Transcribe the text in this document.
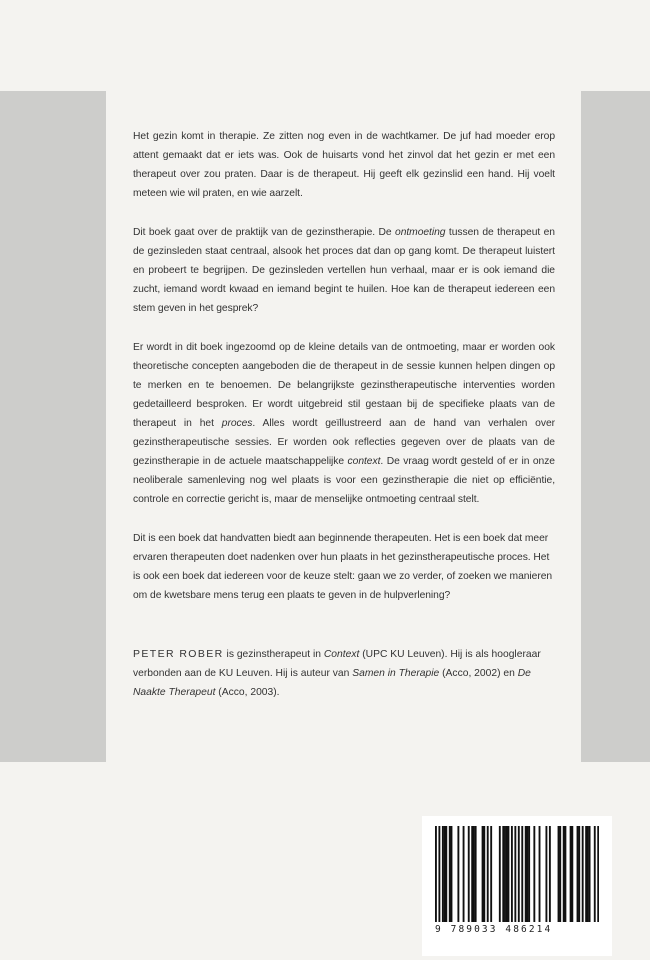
Het gezin komt in therapie. Ze zitten nog even in de wachtkamer. De juf had moeder erop attent gemaakt dat er iets was. Ook de huisarts vond het zinvol dat het gezin er met een therapeut over zou praten. Daar is de therapeut. Hij geeft elk gezinslid een hand. Hij voelt meteen wie wil praten, en wie aarzelt.

Dit boek gaat over de praktijk van de gezinstherapie. De ontmoeting tussen de therapeut en de gezinsleden staat centraal, alsook het proces dat dan op gang komt. De therapeut luistert en probeert te begrijpen. De gezinsleden vertellen hun verhaal, maar er is ook iemand die zucht, iemand wordt kwaad en iemand begint te huilen. Hoe kan de therapeut iedereen een stem geven in het gesprek?

Er wordt in dit boek ingezoomd op de kleine details van de ontmoeting, maar er worden ook theoretische concepten aangeboden die de therapeut in de sessie kunnen helpen dingen op te merken en te benoemen. De belangrijkste gezinstherapeutische interventies worden gedetailleerd besproken. Er wordt uitgebreid stil gestaan bij de specifieke plaats van de therapeut in het proces. Alles wordt geïllustreerd aan de hand van verhalen over gezinstherapeutische sessies. Er worden ook reflecties gegeven over de plaats van de gezinstherapie in de actuele maatschappelijke context. De vraag wordt gesteld of er in onze neoliberale samenleving nog wel plaats is voor een gezinstherapie die niet op efficiëntie, controle en correctie gericht is, maar de menselijke ontmoeting centraal stelt.

Dit is een boek dat handvatten biedt aan beginnende therapeuten. Het is een boek dat meer ervaren therapeuten doet nadenken over hun plaats in het gezinstherapeutische proces. Het is ook een boek dat iedereen voor de keuze stelt: gaan we zo verder, of zoeken we manieren om de kwetsbare mens terug een plaats te geven in de hulpverlening?

PETER ROBER is gezinstherapeut in Context (UPC KU Leuven). Hij is als hoogleraar verbonden aan de KU Leuven. Hij is auteur van Samen in Therapie (Acco, 2002) en De Naakte Therapeut (Acco, 2003).
9 789033 486214
